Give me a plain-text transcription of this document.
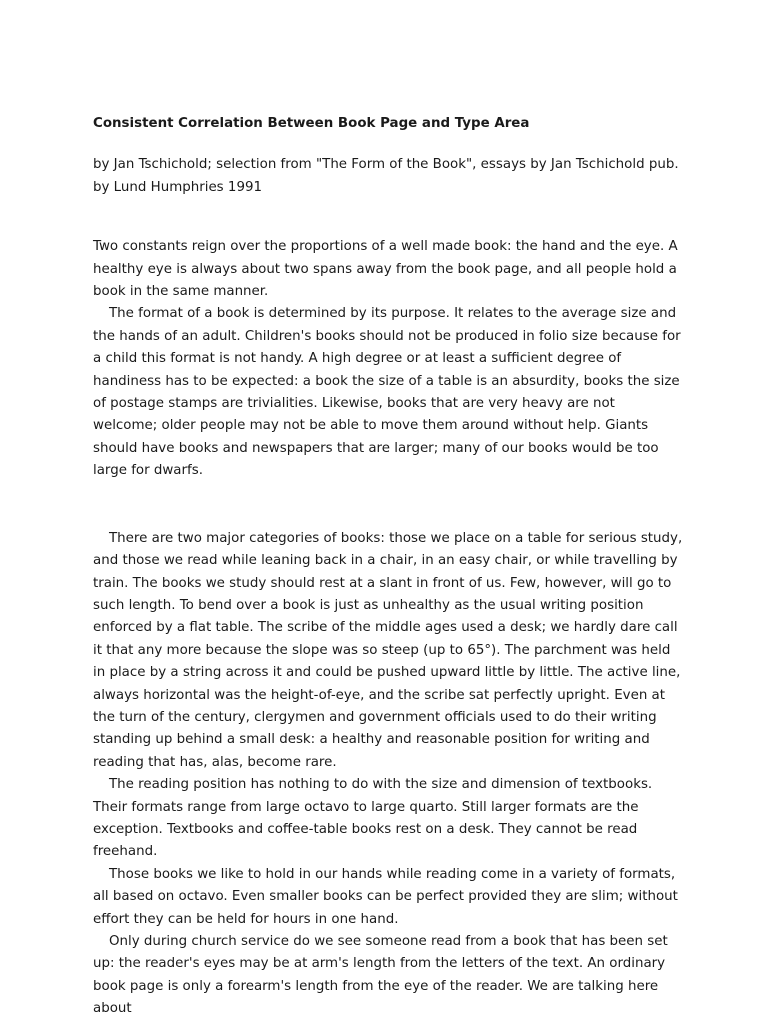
Consistent Correlation Between Book Page and Type Area

by Jan Tschichold; selection from "The Form of the Book", essays by Jan Tschichold pub. by Lund Humphries 1991

Two constants reign over the proportions of a well made book: the hand and the eye. A healthy eye is always about two spans away from the book page, and all people hold a book in the same manner.

The format of a book is determined by its purpose. It relates to the average size and the hands of an adult. Children's books should not be produced in folio size because for a child this format is not handy. A high degree or at least a sufficient degree of handiness has to be expected: a book the size of a table is an absurdity, books the size of postage stamps are trivialities. Likewise, books that are very heavy are not welcome; older people may not be able to move them around without help. Giants should have books and newspapers that are larger; many of our books would be too large for dwarfs.

There are two major categories of books: those we place on a table for serious study, and those we read while leaning back in a chair, in an easy chair, or while travelling by train. The books we study should rest at a slant in front of us. Few, however, will go to such length. To bend over a book is just as unhealthy as the usual writing position enforced by a flat table. The scribe of the middle ages used a desk; we hardly dare call it that any more because the slope was so steep (up to 65°). The parchment was held in place by a string across it and could be pushed upward little by little. The active line, always horizontal was the height-of-eye, and the scribe sat perfectly upright. Even at the turn of the century, clergymen and government officials used to do their writing standing up behind a small desk: a healthy and reasonable position for writing and reading that has, alas, become rare.

The reading position has nothing to do with the size and dimension of textbooks. Their formats range from large octavo to large quarto. Still larger formats are the exception. Textbooks and coffee-table books rest on a desk. They cannot be read freehand.

Those books we like to hold in our hands while reading come in a variety of formats, all based on octavo. Even smaller books can be perfect provided they are slim; without effort they can be held for hours in one hand.

Only during church service do we see someone read from a book that has been set up: the reader's eyes may be at arm's length from the letters of the text. An ordinary book page is only a forearm's length from the eye of the reader. We are talking here about
